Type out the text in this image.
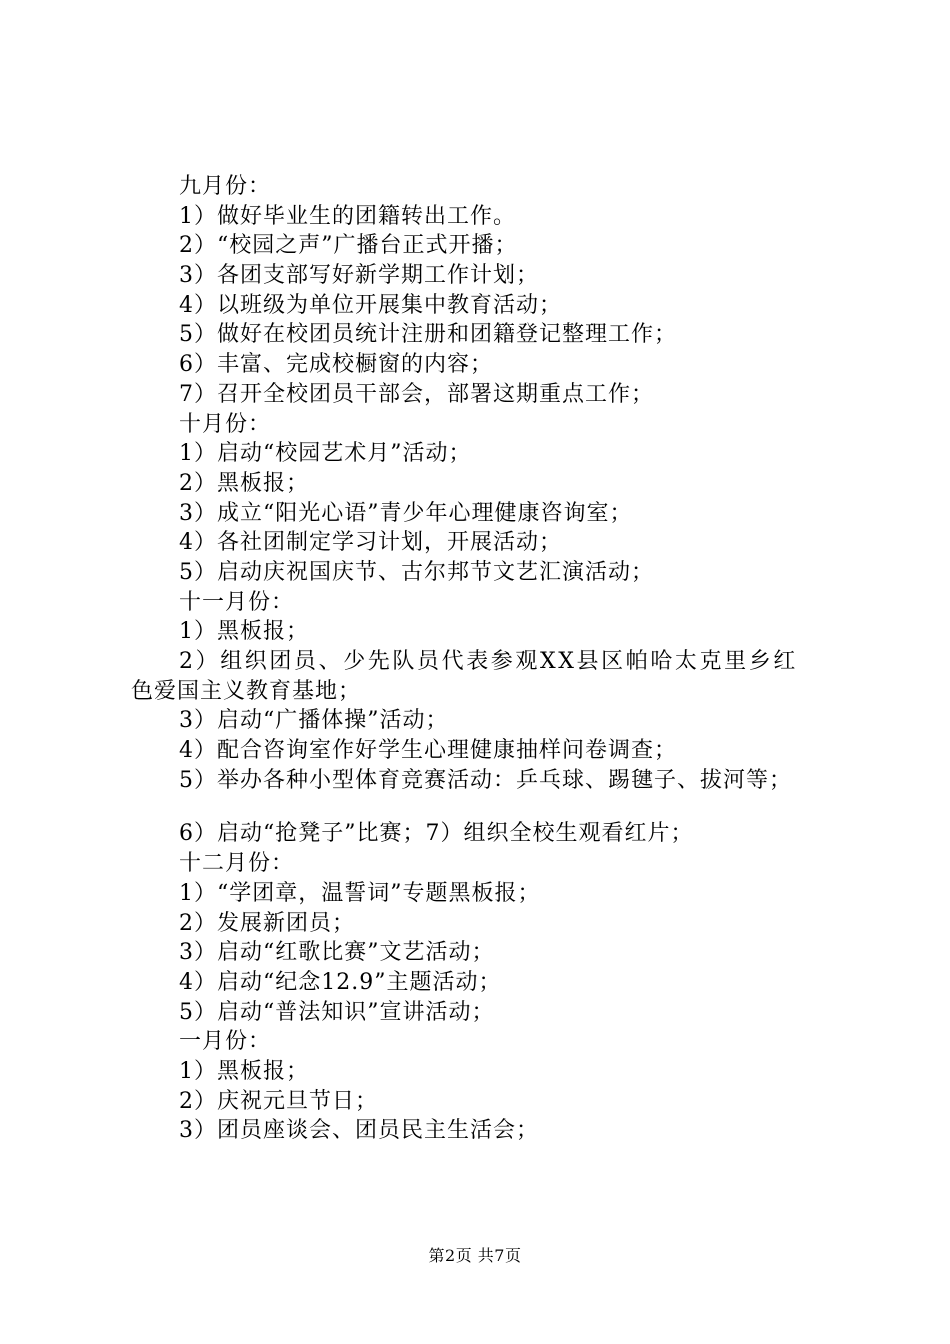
九月份：
1）做好毕业生的团籍转出工作。
2）“校园之声”广播台正式开播；
3）各团支部写好新学期工作计划；
4）以班级为单位开展集中教育活动；
5）做好在校团员统计注册和团籍登记整理工作；
6）丰富、完成校橱窗的内容；
7）召开全校团员干部会，部署这期重点工作；
十月份：
1）启动“校园艺术月”活动；
2）黑板报；
3）成立“阳光心语”青少年心理健康咨询室；
4）各社团制定学习计划，开展活动；
5）启动庆祝国庆节、古尔邦节文艺汇演活动；
十一月份：
1）黑板报；
2）组织团员、少先队员代表参观XX县区帕哈太克里乡红
色爱国主义教育基地；
3）启动“广播体操”活动；
4）配合咨询室作好学生心理健康抽样问卷调查；
5）举办各种小型体育竞赛活动：乒乓球、踢毽子、拔河等；
6）启动“抢凳子”比赛；7）组织全校生观看红片；
十二月份：
1）“学团章，温誓词”专题黑板报；
2）发展新团员；
3）启动“红歌比赛”文艺活动；
4）启动“纪念12.9”主题活动；
5）启动“普法知识”宣讲活动；
一月份：
1）黑板报；
2）庆祝元旦节日；
3）团员座谈会、团员民主生活会；
第2页 共7页
